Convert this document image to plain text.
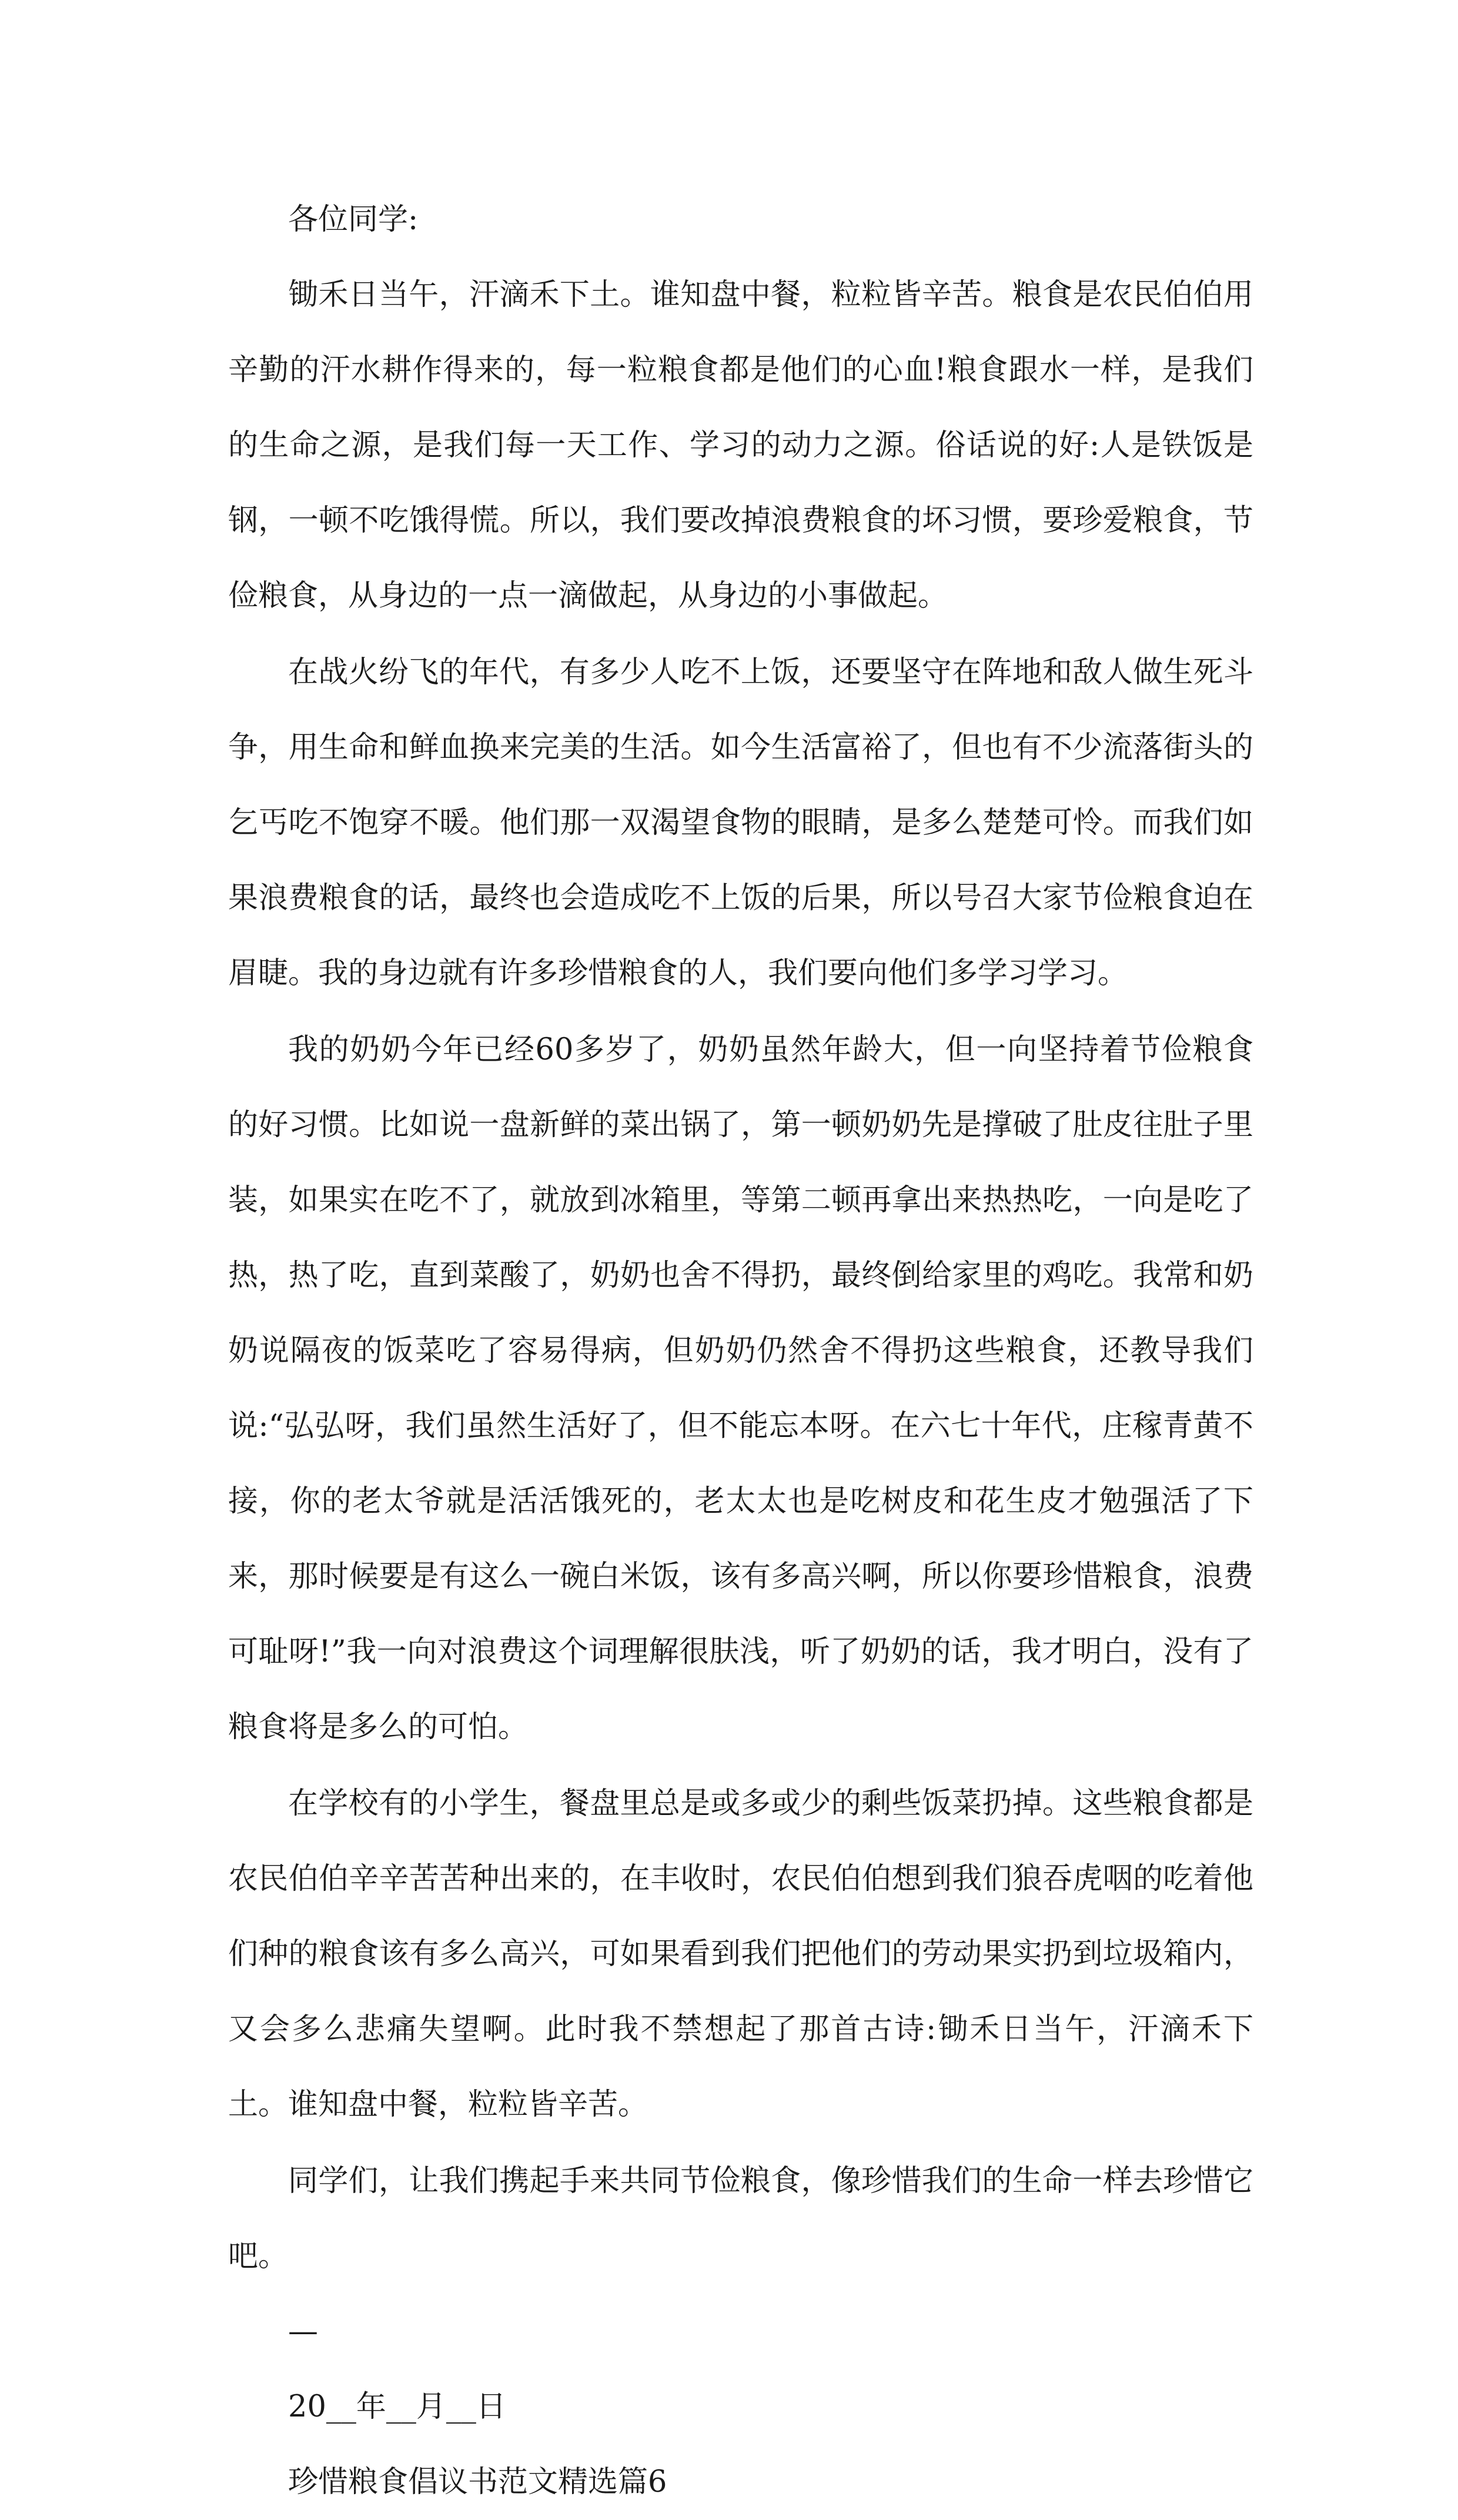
各位同学:

锄禾日当午，汗滴禾下土。谁知盘中餐，粒粒皆辛苦。粮食是农民伯伯用辛勤的汗水耕作得来的，每一粒粮食都是他们的心血!粮食跟水一样，是我们的生命之源，是我们每一天工作、学习的动力之源。俗话说的好:人是铁饭是钢，一顿不吃饿得慌。所以，我们要改掉浪费粮食的坏习惯，要珍爱粮食，节俭粮食，从身边的一点一滴做起，从身边的小事做起。

在战火纷飞的年代，有多少人吃不上饭，还要坚守在阵地和敌人做生死斗争，用生命和鲜血换来完美的生活。如今生活富裕了，但也有不少流落街头的乞丐吃不饱穿不暖。他们那一双渴望食物的眼睛，是多么楚楚可怜。而我们如果浪费粮食的话，最终也会造成吃不上饭的后果，所以号召大家节俭粮食迫在眉睫。我的身边就有许多珍惜粮食的人，我们要向他们多学习学习。

我的奶奶今年已经60多岁了，奶奶虽然年龄大，但一向坚持着节俭粮食的好习惯。比如说一盘新鲜的菜出锅了，第一顿奶奶先是撑破了肚皮往肚子里装，如果实在吃不了，就放到冰箱里，等第二顿再拿出来热热吃，一向是吃了热，热了吃，直到菜酸了，奶奶也舍不得扔，最终倒给家里的鸡吃。我常和奶奶说隔夜的饭菜吃了容易得病，但奶奶仍然舍不得扔这些粮食，还教导我们说:“弘弘呀，我们虽然生活好了，但不能忘本呀。在六七十年代，庄稼青黄不接，你的老太爷就是活活饿死的，老太太也是吃树皮和花生皮才勉强活了下来，那时候要是有这么一碗白米饭，该有多高兴啊，所以你要珍惜粮食，浪费可耻呀!”我一向对浪费这个词理解很肤浅，听了奶奶的话，我才明白，没有了粮食将是多么的可怕。

在学校有的小学生，餐盘里总是或多或少的剩些饭菜扔掉。这些粮食都是农民伯伯辛辛苦苦种出来的，在丰收时，农民伯伯想到我们狼吞虎咽的吃着他们种的粮食该有多么高兴，可如果看到我们把他们的劳动果实扔到垃圾箱内，又会多么悲痛失望啊。此时我不禁想起了那首古诗:锄禾日当午，汗滴禾下土。谁知盘中餐，粒粒皆辛苦。

同学们，让我们携起手来共同节俭粮食，像珍惜我们的生命一样去珍惜它吧。

—

20__年__月__日

珍惜粮食倡议书范文精选篇6
